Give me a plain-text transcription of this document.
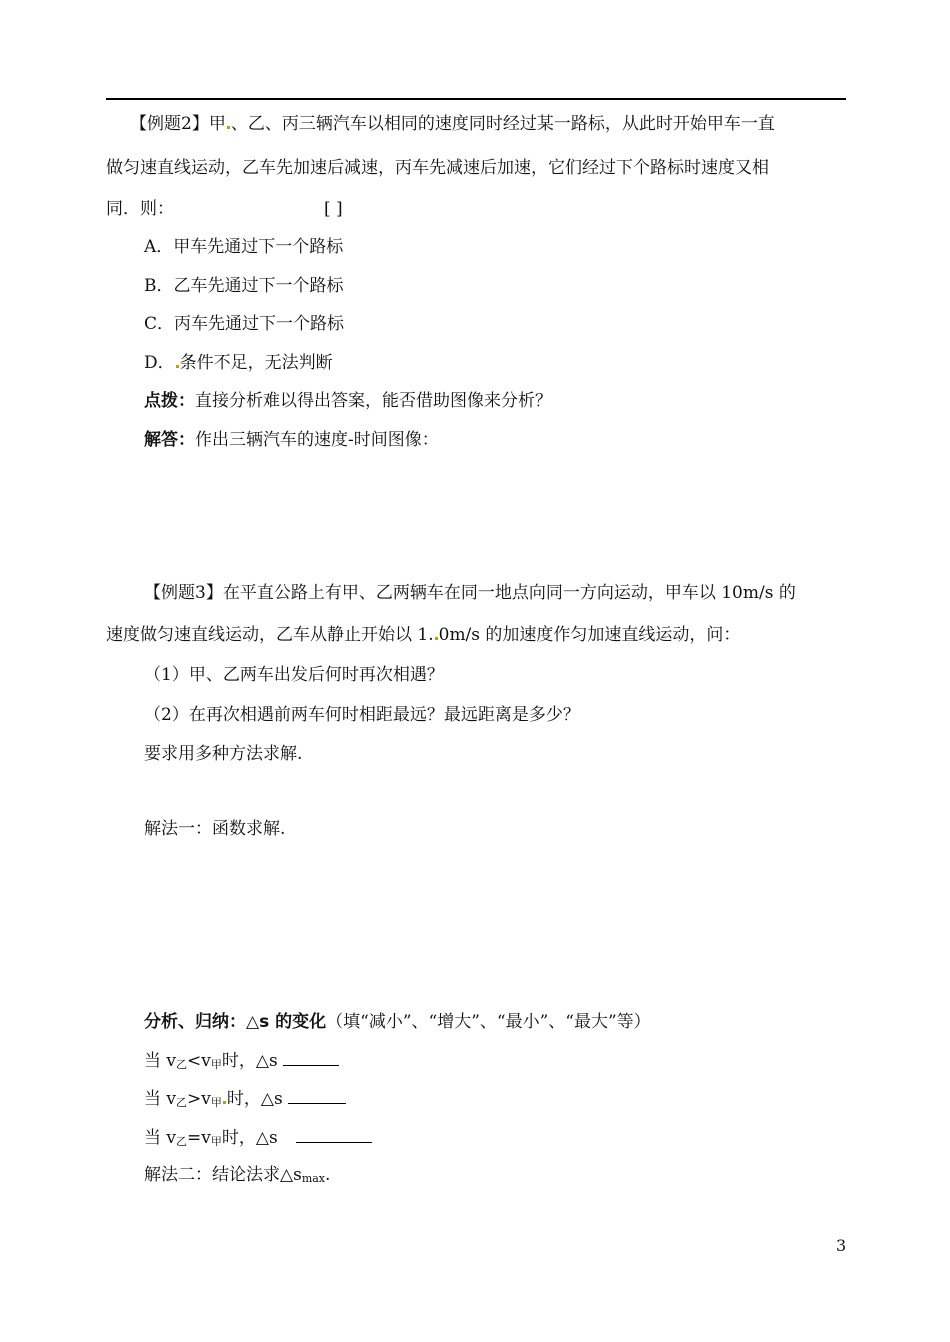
【例题2】甲 、乙、丙三辆汽车以相同的速度同时经过某一路标，从此时开始甲车一直
做匀速直线运动，乙车先加速后减速，丙车先减速后加速，它们经过下个路标时速度又相
同．则：	[ ]
A．甲车先通过下一个路标
B．乙车先通过下一个路标
C．丙车先通过下一个路标
D． 条件不足，无法判断
点拨：直接分析难以得出答案，能否借助图像来分析？
解答：作出三辆汽车的速度-时间图像：
【例题3】在平直公路上有甲、乙两辆车在同一地点向同一方向运动，甲车以 10m/s 的
速度做匀速直线运动，乙车从静止开始以 1. 0m/s 的加速度作匀加速直线运动，问：
（1）甲、乙两车出发后何时再次相遇？
（2）在再次相遇前两车何时相距最远？最远距离是多少？
要求用多种方法求解.
解法一：函数求解.
分析、归纳：△s 的变化（填“减小”、“增大”、“最小”、“最大”等）
当 $v_乙<v_甲$时，△s
当 $v_乙>v_甲$ 时，△s
当 $v_乙=v_甲$时，△s
解法二：结论法求$\triangle s_{max}$.
3
